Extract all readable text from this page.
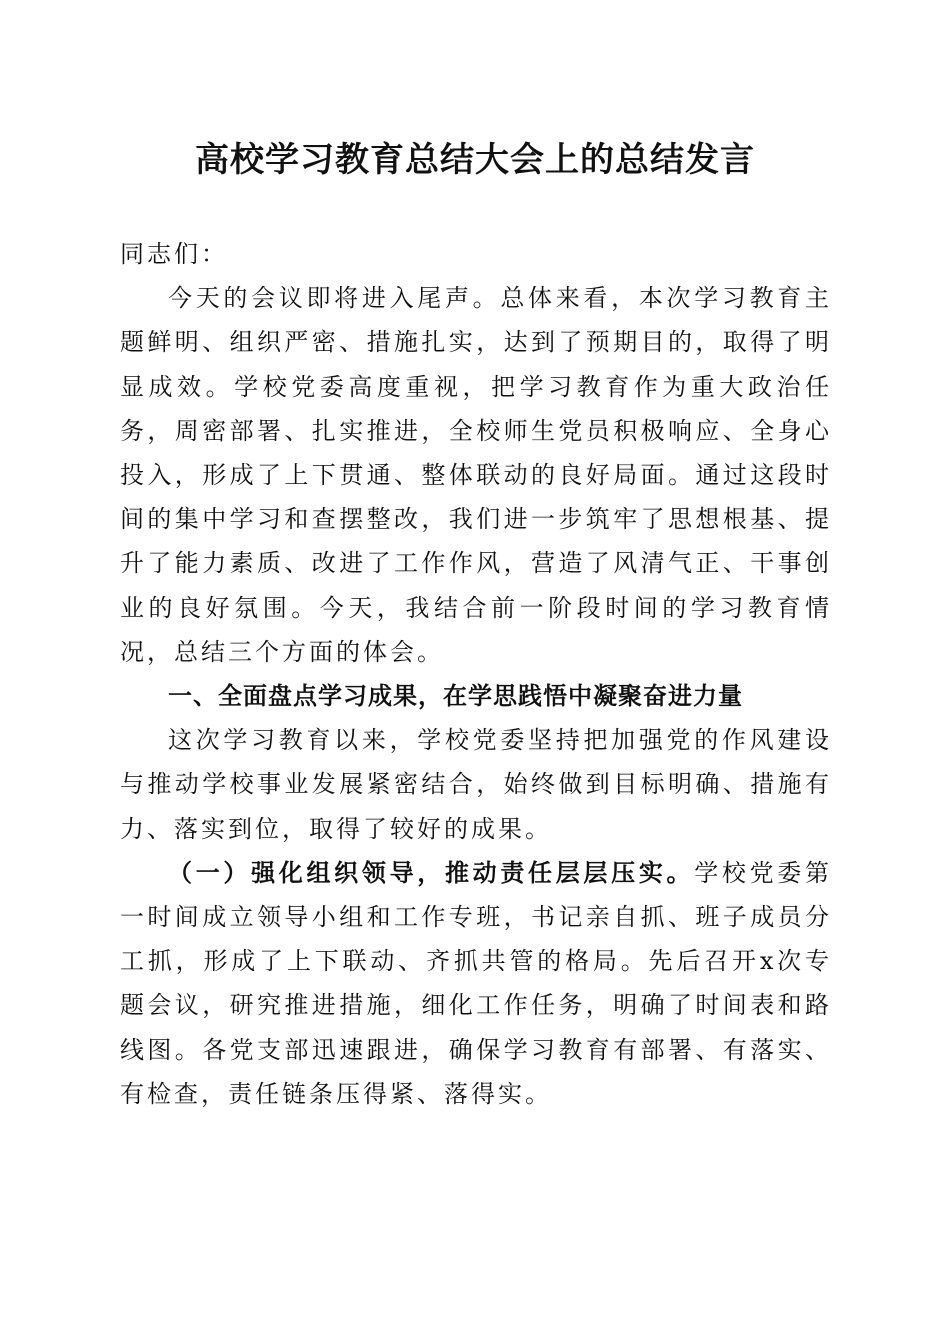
高校学习教育总结大会上的总结发言

同志们：

今天的会议即将进入尾声。总体来看，本次学习教育主题鲜明、组织严密、措施扎实，达到了预期目的，取得了明显成效。学校党委高度重视，把学习教育作为重大政治任务，周密部署、扎实推进，全校师生党员积极响应、全身心投入，形成了上下贯通、整体联动的良好局面。通过这段时间的集中学习和查摆整改，我们进一步筑牢了思想根基、提升了能力素质、改进了工作作风，营造了风清气正、干事创业的良好氛围。今天，我结合前一阶段时间的学习教育情况，总结三个方面的体会。

一、全面盘点学习成果，在学思践悟中凝聚奋进力量

这次学习教育以来，学校党委坚持把加强党的作风建设与推动学校事业发展紧密结合，始终做到目标明确、措施有力、落实到位，取得了较好的成果。

（一）强化组织领导，推动责任层层压实。学校党委第一时间成立领导小组和工作专班，书记亲自抓、班子成员分工抓，形成了上下联动、齐抓共管的格局。先后召开x次专题会议，研究推进措施，细化工作任务，明确了时间表和路线图。各党支部迅速跟进，确保学习教育有部署、有落实、有检查，责任链条压得紧、落得实。
